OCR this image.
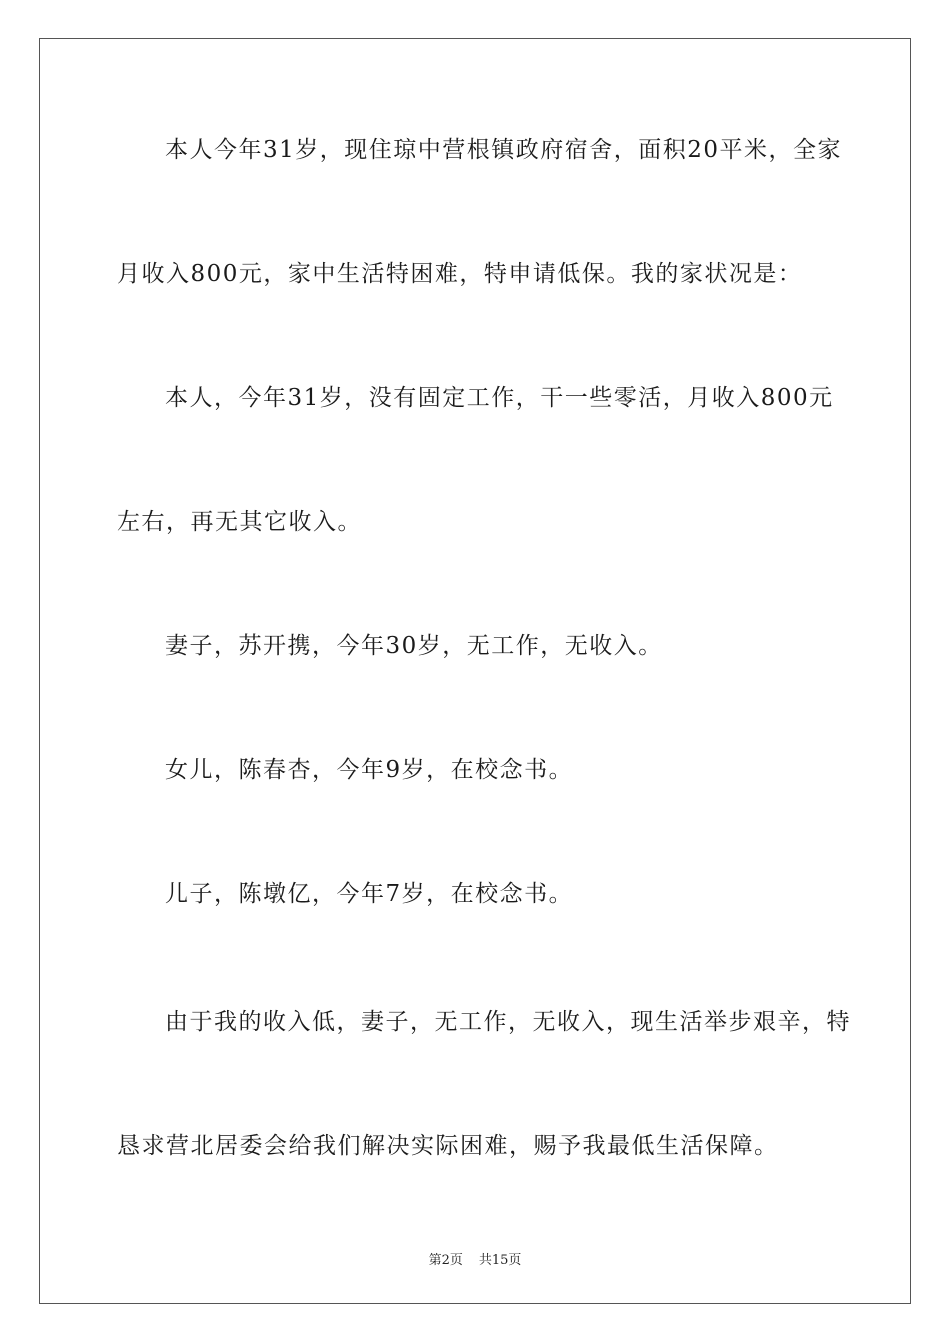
本人今年31岁，现住琼中营根镇政府宿舍，面积20平米，全家
月收入800元，家中生活特困难，特申请低保。我的家状况是：
本人，今年31岁，没有固定工作，干一些零活，月收入800元
左右，再无其它收入。
妻子，苏开携，今年30岁，无工作，无收入。
女儿，陈春杏，今年9岁，在校念书。
儿子，陈墩亿，今年7岁，在校念书。
由于我的收入低，妻子，无工作，无收入，现生活举步艰辛，特
恳求营北居委会给我们解决实际困难，赐予我最低生活保障。
第2页 共15页
